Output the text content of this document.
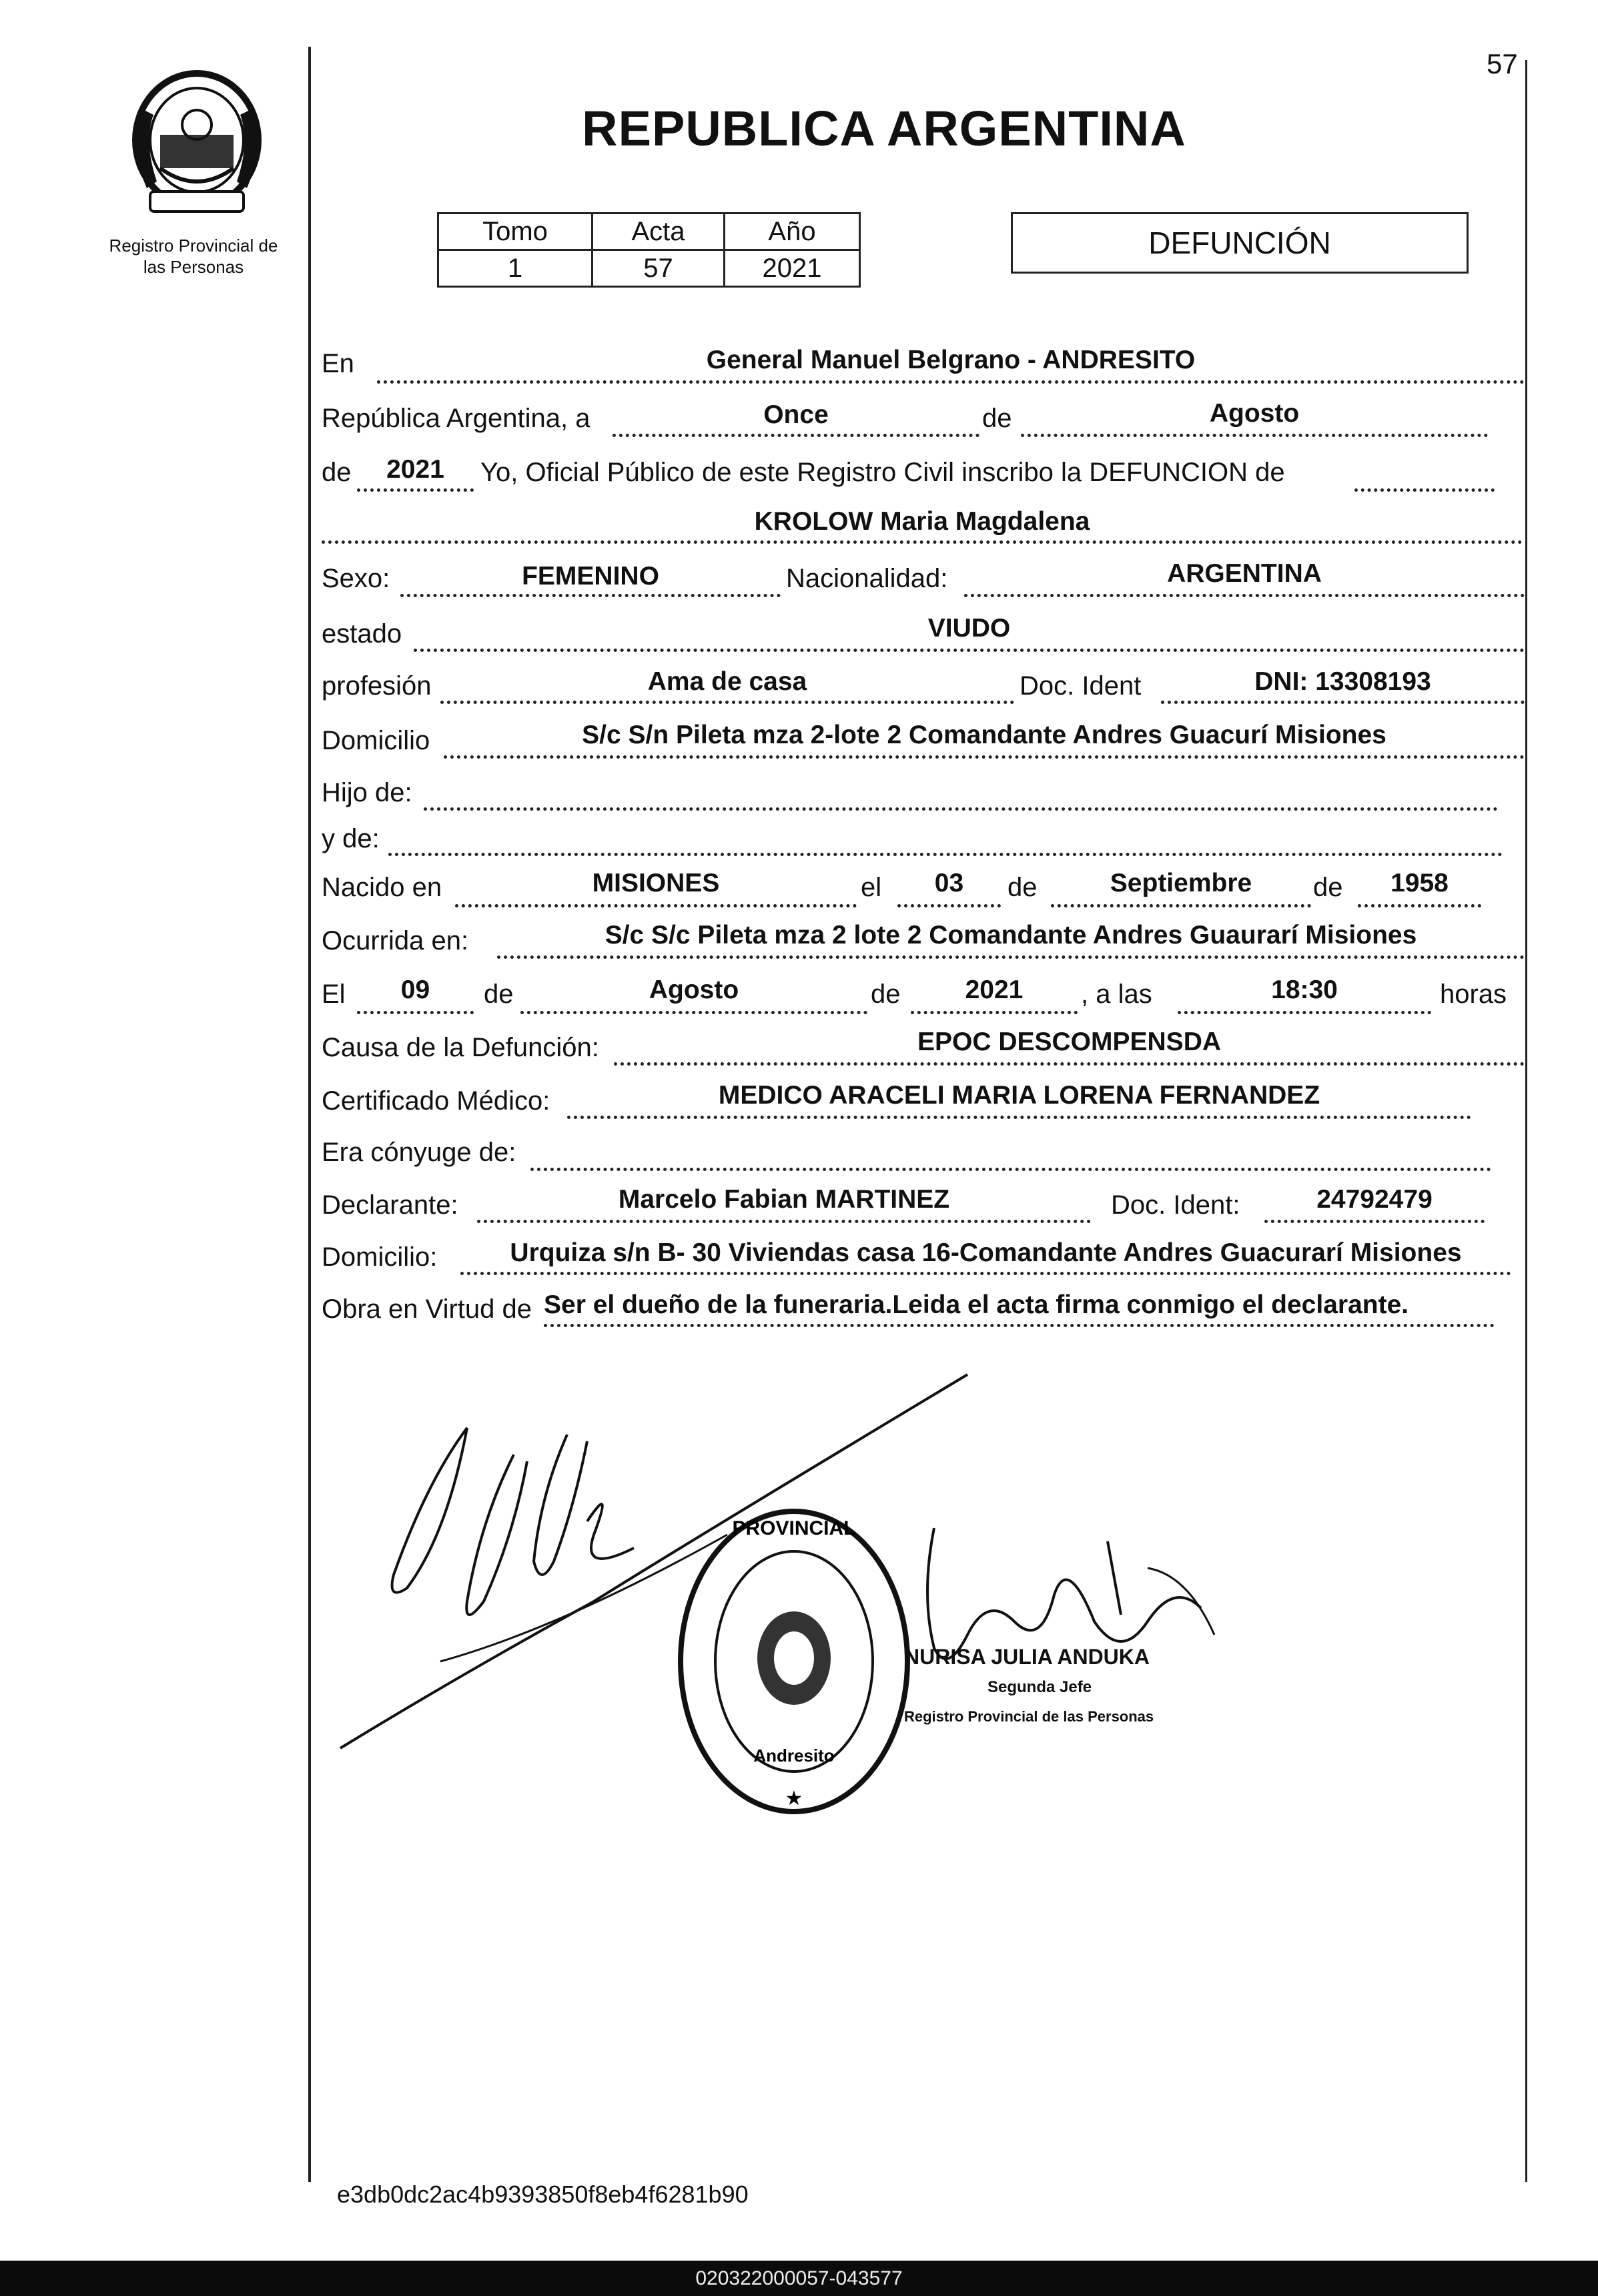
Registro Provincial de
las Personas
REPUBLICA ARGENTINA
57
Tomo	Acta	Año
1	57	2021
DEFUNCIÓN
En	General Manuel Belgrano - ANDRESITO
República Argentina, a	Once	de	Agosto
de	2021	Yo, Oficial Público de este Registro Civil inscribo la DEFUNCION de
KROLOW Maria Magdalena
Sexo:	FEMENINO	Nacionalidad:	ARGENTINA
estado	VIUDO
profesión	Ama de casa	Doc. Ident	DNI: 13308193
Domicilio	S/c S/n Pileta mza 2-lote 2 Comandante Andres Guacurí Misiones
Hijo de:
y de:
Nacido en	MISIONES	el	03	de	Septiembre	de	1958
Ocurrida en:	S/c S/c Pileta mza 2 lote 2 Comandante Andres Guaurarí Misiones
El	09	de	Agosto	de	2021	, a las	18:30	horas
Causa de la Defunción:	EPOC DESCOMPENSDA
Certificado Médico:	MEDICO ARACELI MARIA LORENA FERNANDEZ
Era cónyuge de:
Declarante:	Marcelo Fabian MARTINEZ	Doc. Ident:	24792479
Domicilio:	Urquiza s/n B- 30 Viviendas casa 16-Comandante Andres Guacurarí Misiones
Obra en Virtud de Ser el dueño de la funeraria.Leida el acta firma conmigo el declarante.
PROVINCIAL
Andresito
★
NURISA JULIA ANDUKA
Segunda Jefe
Registro Provincial de las Personas
e3db0dc2ac4b9393850f8eb4f6281b90
020322000057-043577
